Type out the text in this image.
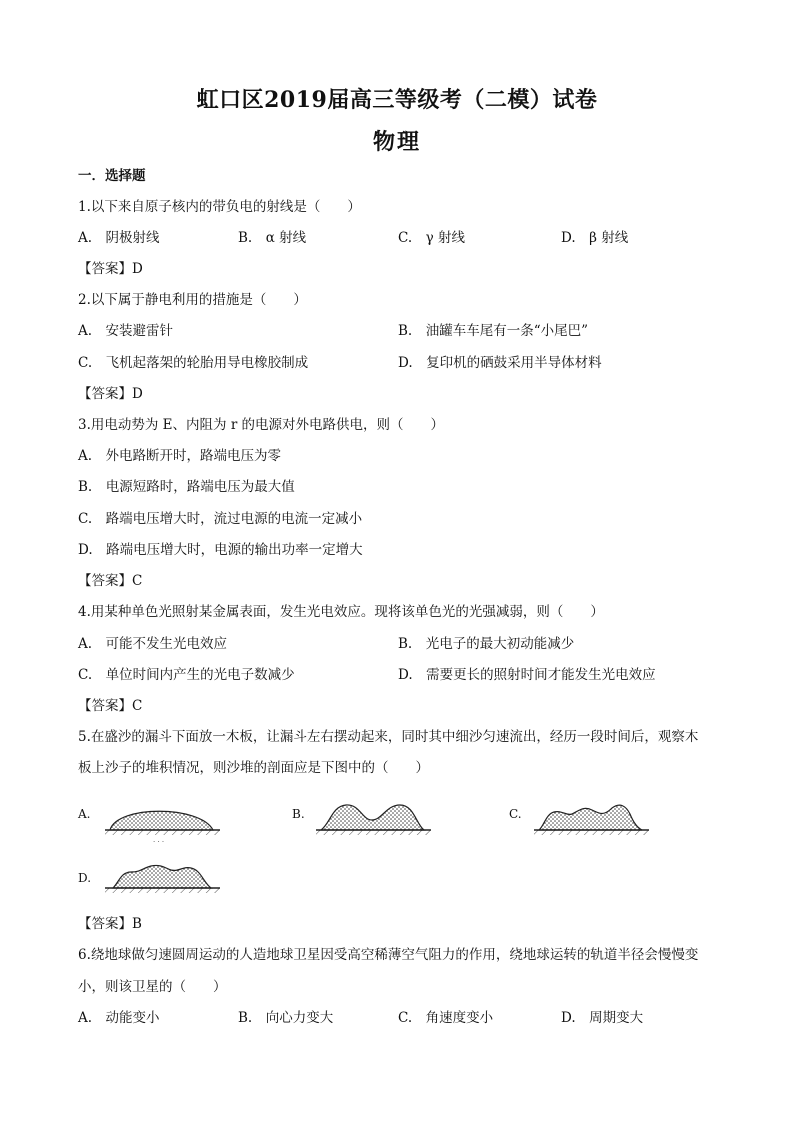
虹口区2019届高三等级考（二模）试卷
物理
一．选择题
1.以下来自原子核内的带负电的射线是（　　）
A.　阴极射线	B.　α 射线	C.　γ 射线	D.　β 射线
【答案】D
2.以下属于静电利用的措施是（　　）
A.　安装避雷针	B.　油罐车车尾有一条“小尾巴”
C.　飞机起落架的轮胎用导电橡胶制成	D.　复印机的硒鼓采用半导体材料
【答案】D
3.用电动势为 E、内阻为 r 的电源对外电路供电，则（　　）
A.　外电路断开时，路端电压为零
B.　电源短路时，路端电压为最大值
C.　路端电压增大时，流过电源的电流一定减小
D.　路端电压增大时，电源的输出功率一定增大
【答案】C
4.用某种单色光照射某金属表面，发生光电效应。现将该单色光的光强减弱，则（　　）
A.　可能不发生光电效应	B.　光电子的最大初动能减少
C.　单位时间内产生的光电子数减少	D.　需要更长的照射时间才能发生光电效应
【答案】C
5.在盛沙的漏斗下面放一木板，让漏斗左右摆动起来，同时其中细沙匀速流出，经历一段时间后，观察木
板上沙子的堆积情况，则沙堆的剖面应是下图中的（　　）
A.
· · ·
B.	C.
D.
【答案】B
6.绕地球做匀速圆周运动的人造地球卫星因受高空稀薄空气阻力的作用，绕地球运转的轨道半径会慢慢变
小，则该卫星的（　　）
A.　动能变小	B.　向心力变大	C.　角速度变小	D.　周期变大
